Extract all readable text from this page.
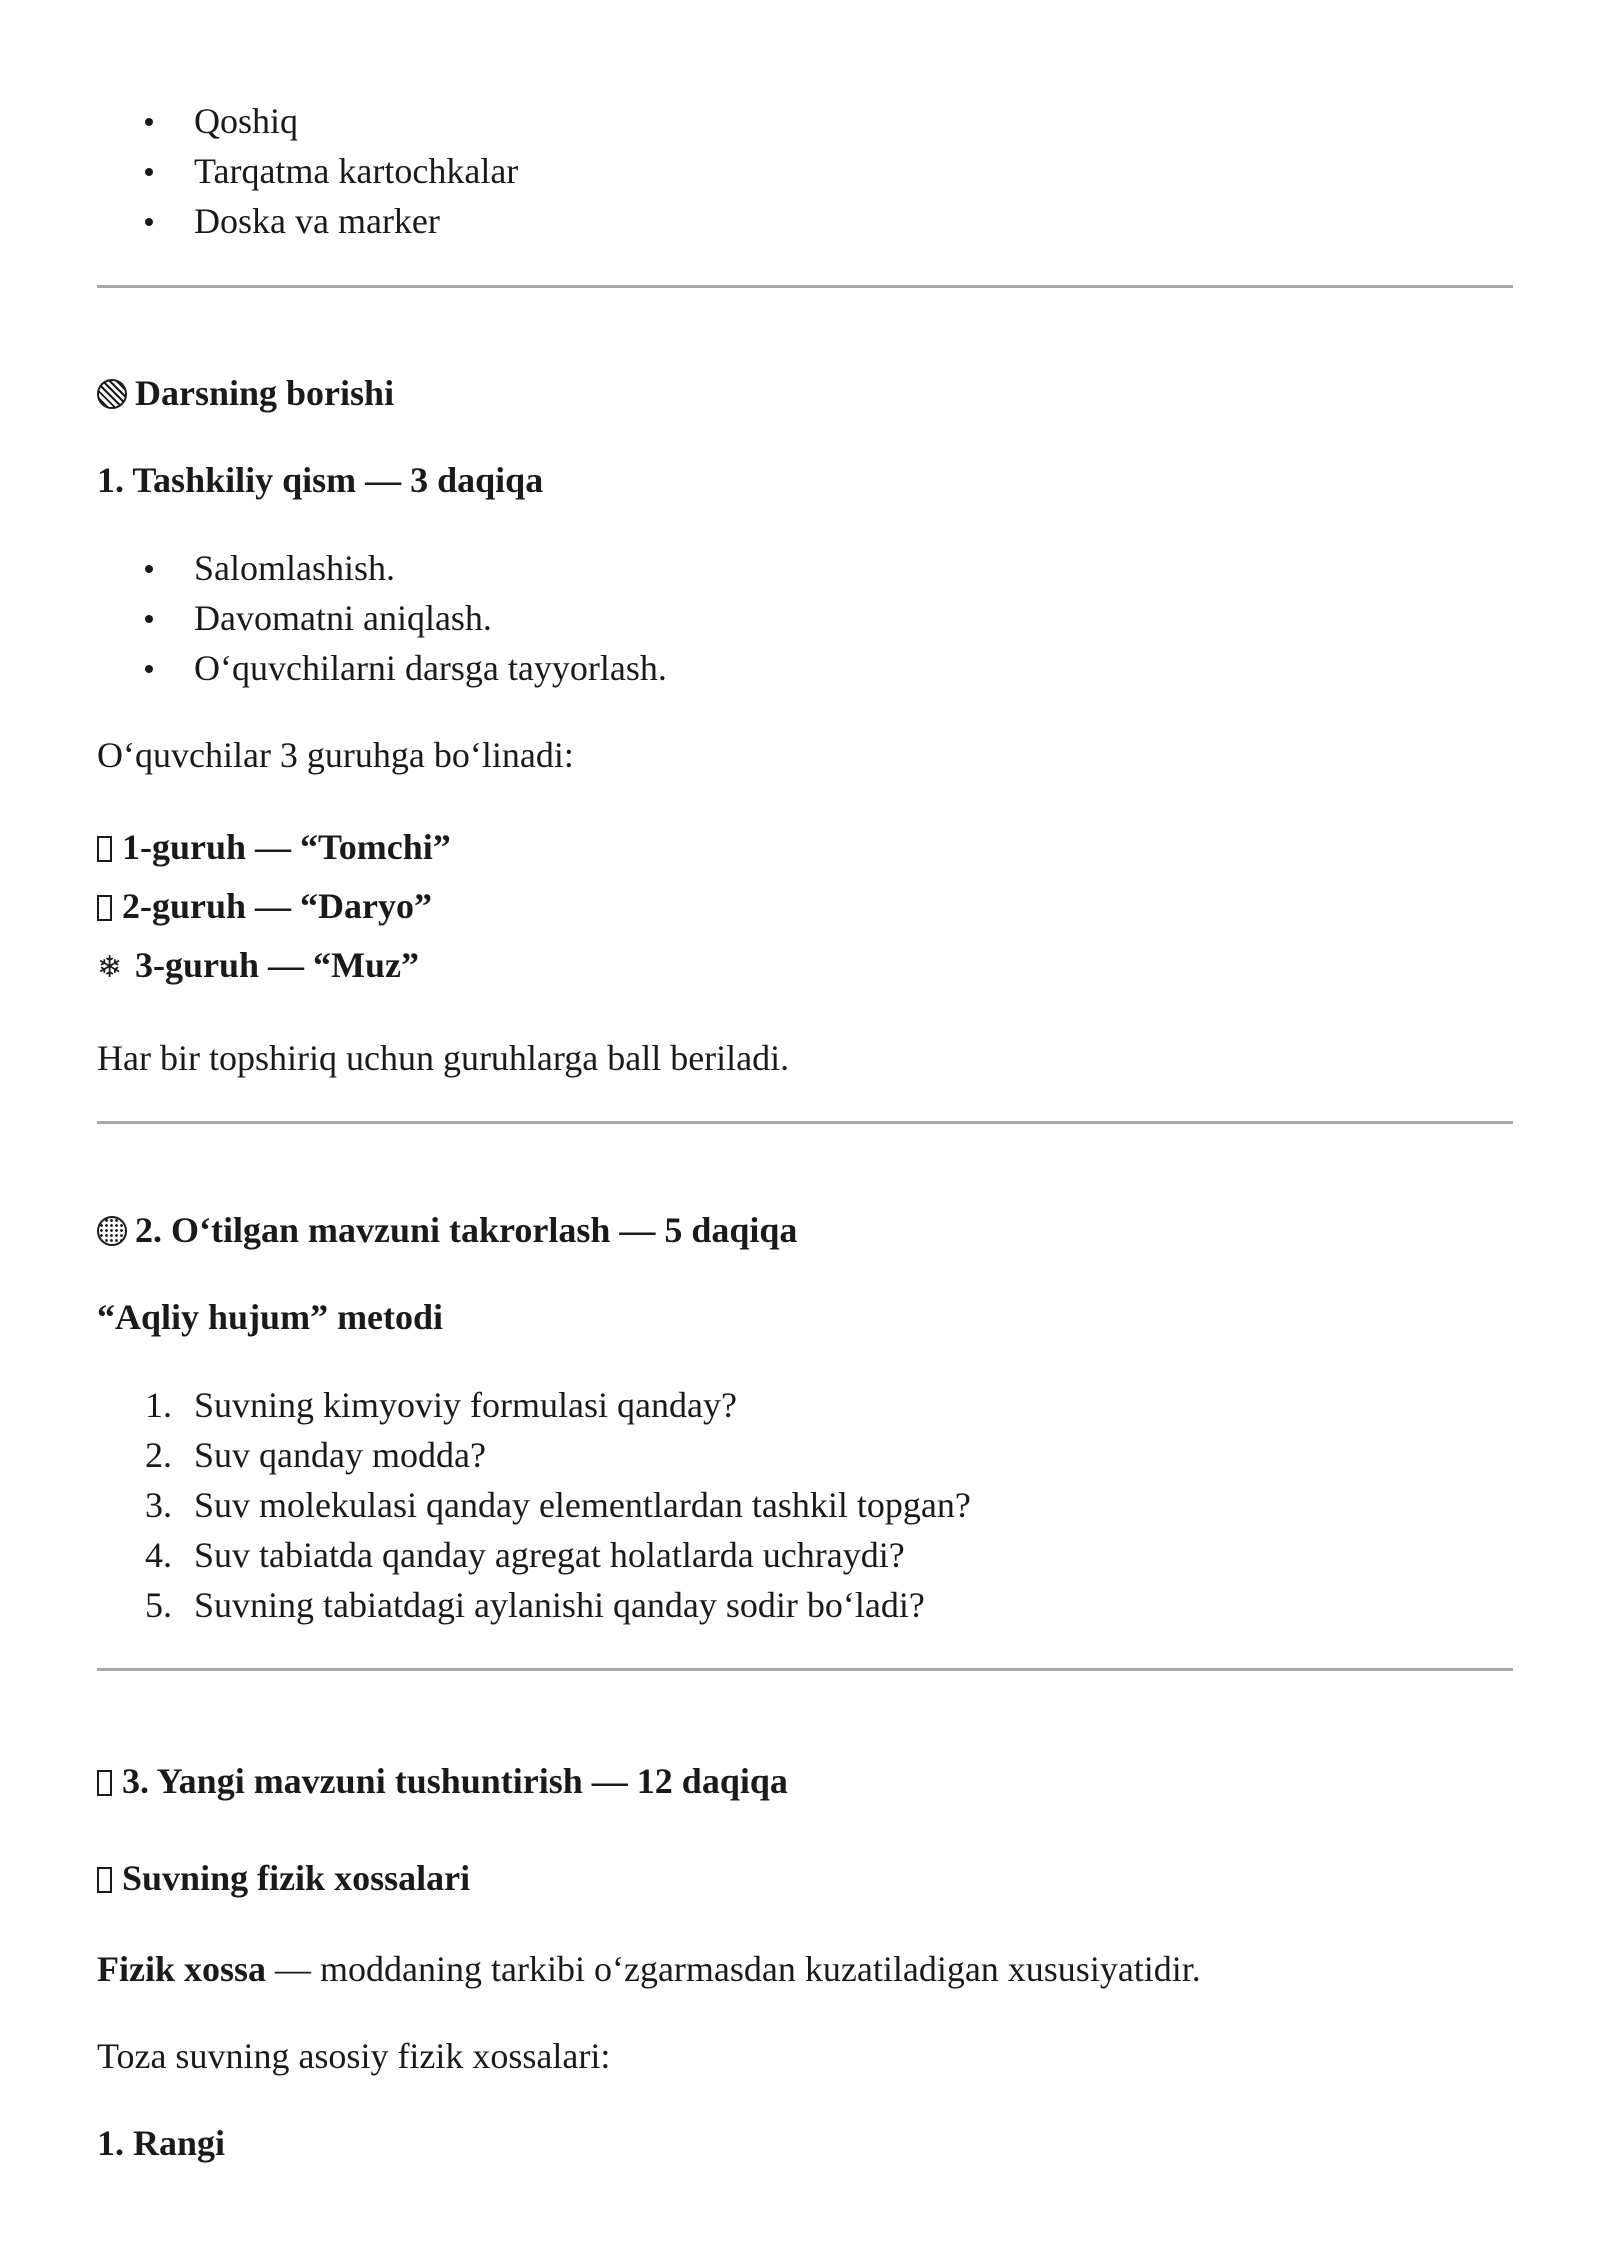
Qoshiq
Tarqatma kartochkalar
Doska va marker
Darsning borishi
1. Tashkiliy qism — 3 daqiqa
Salomlashish.
Davomatni aniqlash.
O‘quvchilarni darsga tayyorlash.
O‘quvchilar 3 guruhga bo‘linadi:
1-guruh — “Tomchi”
2-guruh — “Daryo”
❄ 3-guruh — “Muz”
Har bir topshiriq uchun guruhlarga ball beriladi.
2. O‘tilgan mavzuni takrorlash — 5 daqiqa
“Aqliy hujum” metodi
1. Suvning kimyoviy formulasi qanday?
2. Suv qanday modda?
3. Suv molekulasi qanday elementlardan tashkil topgan?
4. Suv tabiatda qanday agregat holatlarda uchraydi?
5. Suvning tabiatdagi aylanishi qanday sodir bo‘ladi?
3. Yangi mavzuni tushuntirish — 12 daqiqa
Suvning fizik xossalari
Fizik xossa — moddaning tarkibi o‘zgarmasdan kuzatiladigan xususiyatidir.
Toza suvning asosiy fizik xossalari:
1. Rangi
